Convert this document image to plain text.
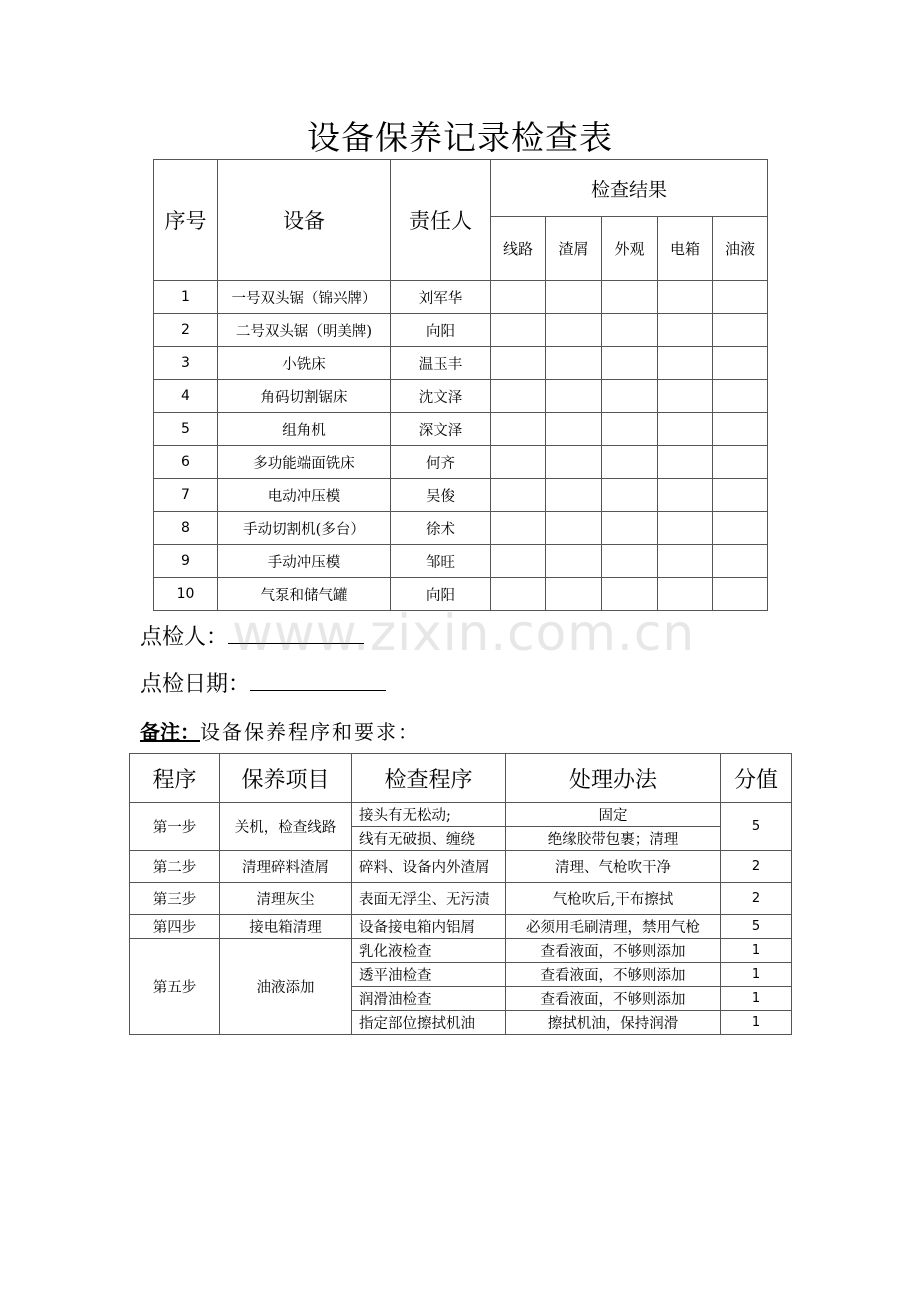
设备保养记录检查表
序号	设备	责任人	检查结果				
			线路	渣屑	外观	电箱	油液
1	一号双头锯（锦兴牌）	刘军华					
2	二号双头锯（明美牌)	向阳					
3	小铣床	温玉丰					
4	角码切割锯床	沈文泽					
5	组角机	深文泽					
6	多功能端面铣床	何齐					
7	电动冲压模	吴俊					
8	手动切割机(多台）	徐术					
9	手动冲压模	邹旺					
10	气泵和储气罐	向阳					
点检人：
点检日期：
www.zixin.com.cn
备注：设备保养程序和要求：
程序	保养项目	检查程序	处理办法	分值
第一步	关机，检查线路	接头有无松动;	固定	5
		线有无破损、缠绕	绝缘胶带包裹；清理	
第二步	清理碎料渣屑	碎料、设备内外渣屑	清理、气枪吹干净	2
第三步	清理灰尘	表面无浮尘、无污渍	气枪吹后,干布擦拭	2
第四步	接电箱清理	设备接电箱内铝屑	必须用毛刷清理，禁用气枪	5
第五步	油液添加	乳化液检查	查看液面，不够则添加	1
		透平油检查	查看液面，不够则添加	1
		润滑油检查	查看液面，不够则添加	1
		指定部位擦拭机油	擦拭机油，保持润滑	1
